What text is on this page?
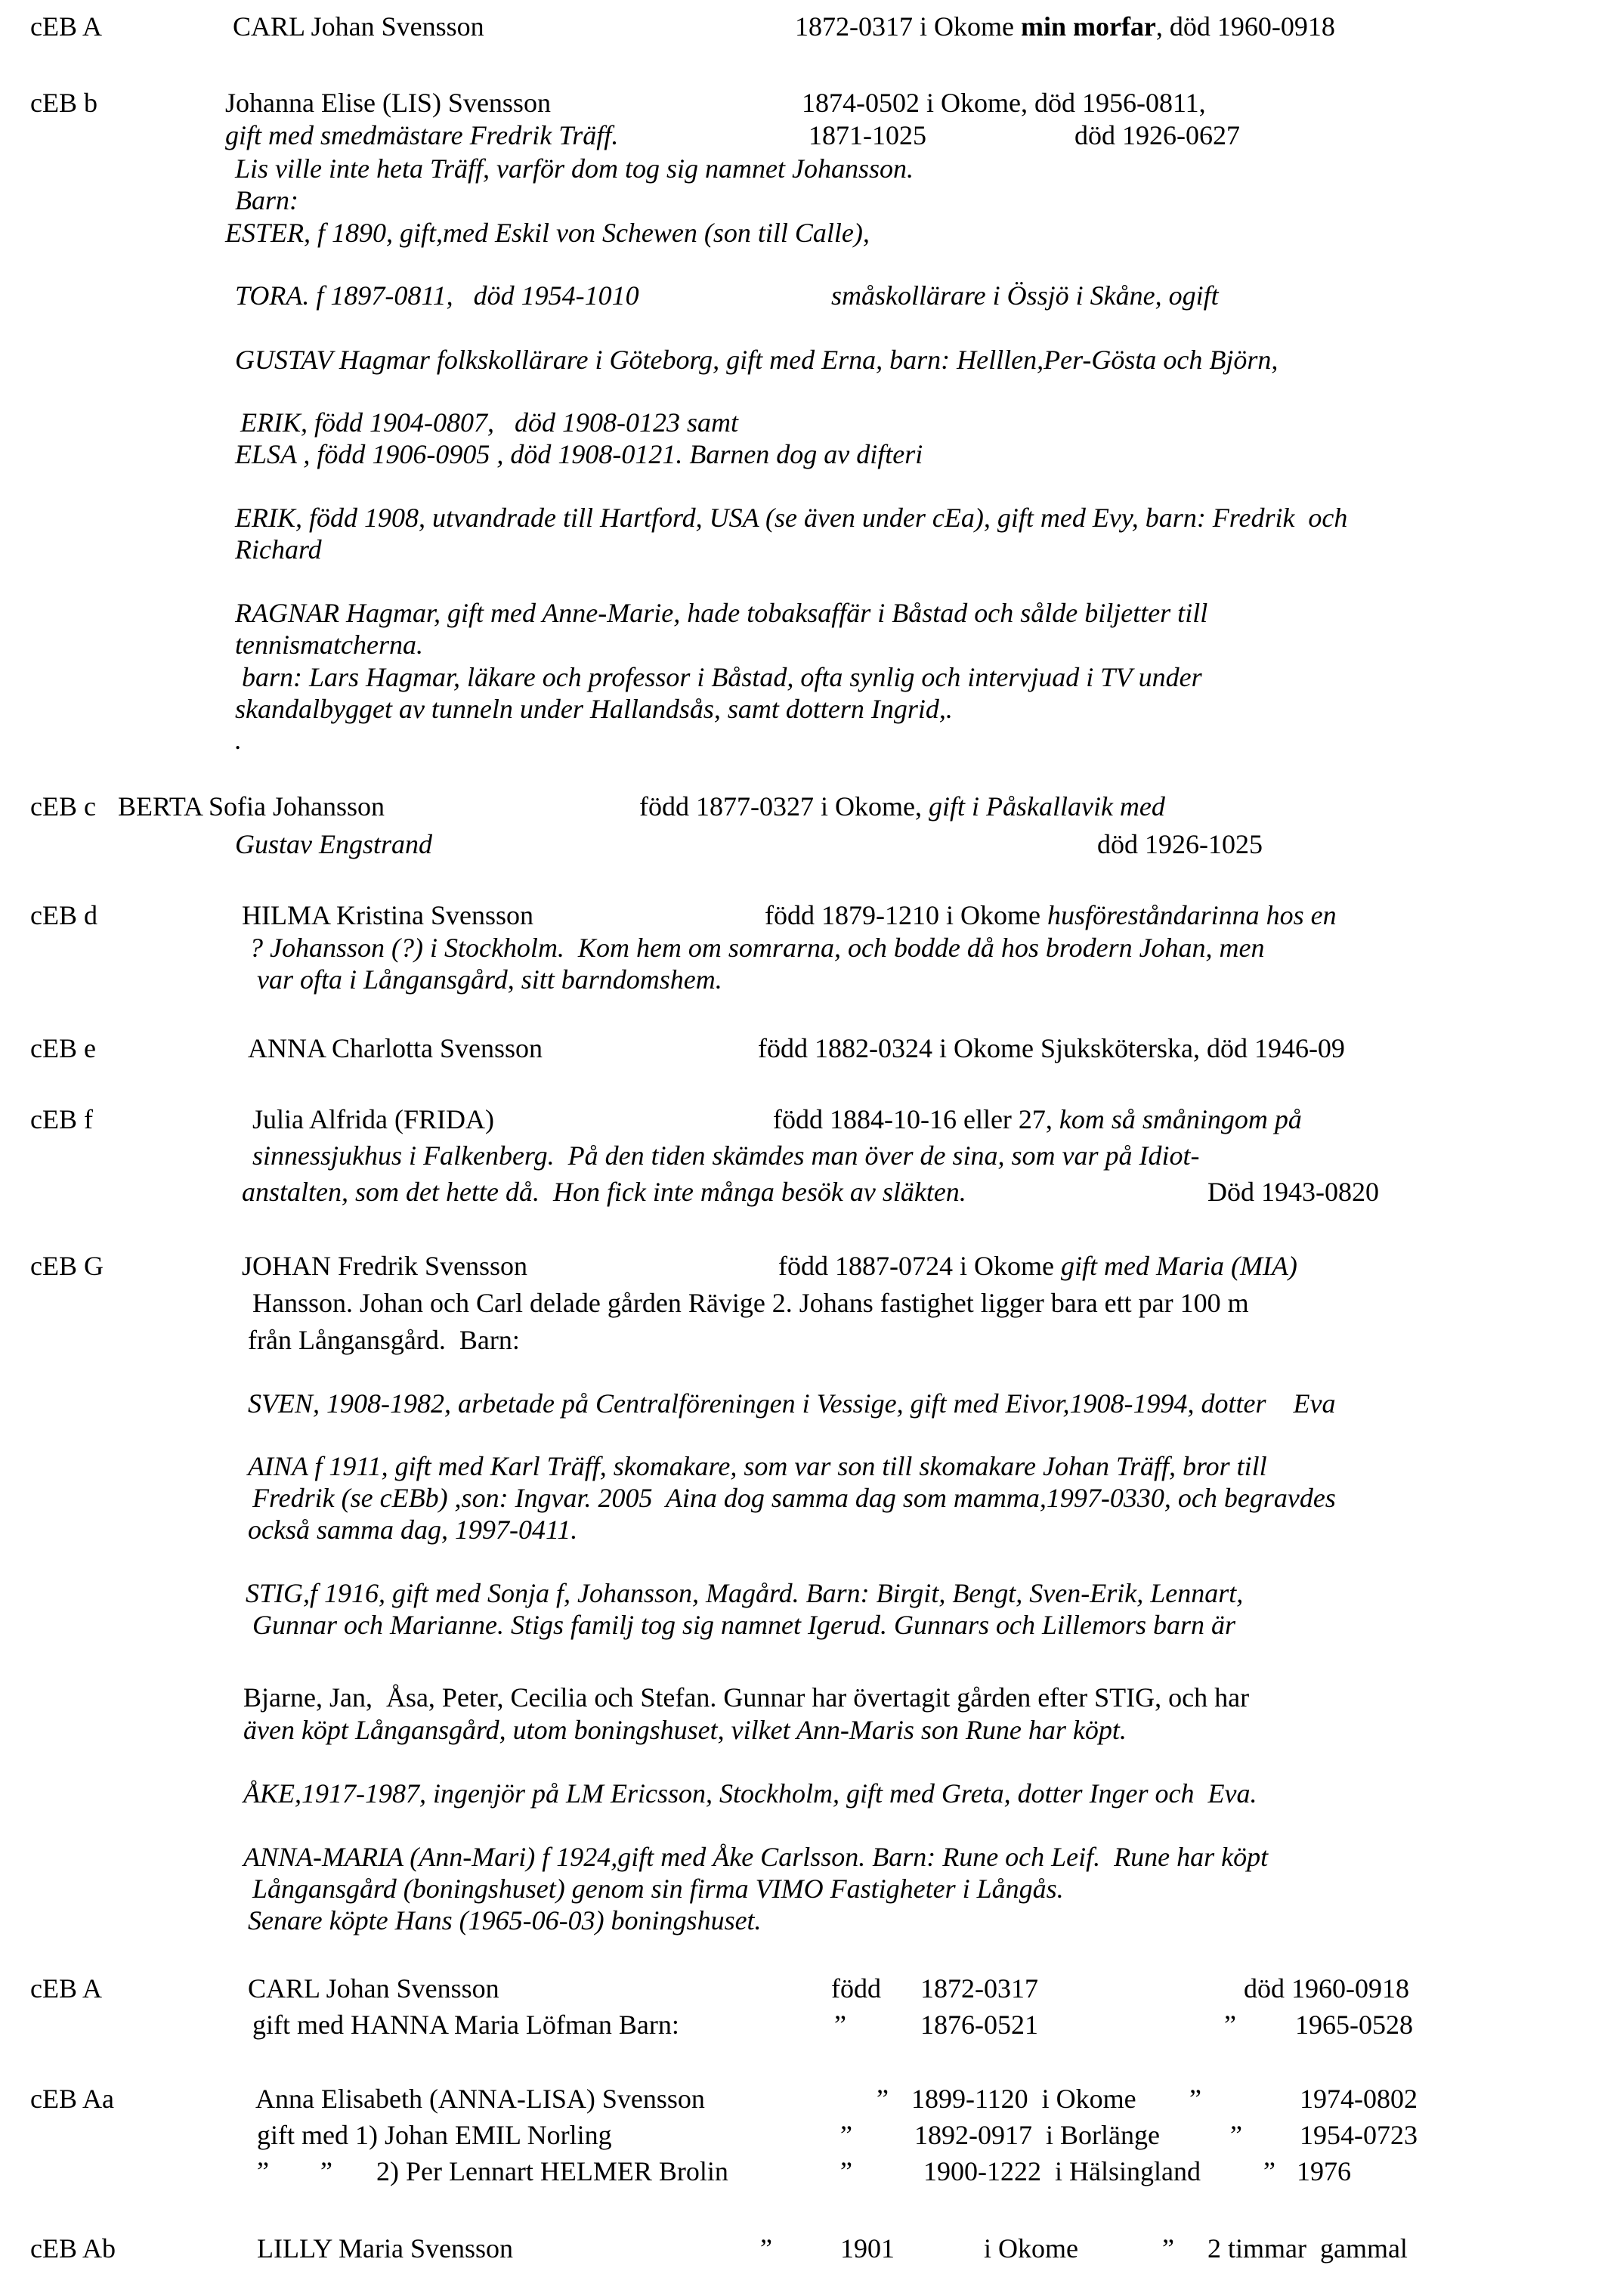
cEB A	CARL Johan Svensson	1872-0317 i Okome min morfar, död 1960-0918
cEB b	Johanna Elise (LIS) Svensson	1874-0502 i Okome, död 1956-0811,
gift med smedmästare Fredrik Träff.	1871-1025	död 1926-0627
Lis ville inte heta Träff, varför dom tog sig namnet Johansson.
Barn:
ESTER, f 1890, gift,med Eskil von Schewen (son till Calle),
TORA. f 1897-0811,   död 1954-1010	småskollärare i Össjö i Skåne, ogift
GUSTAV Hagmar folkskollärare i Göteborg, gift med Erna, barn: Helllen,Per-Gösta och Björn,
ERIK, född 1904-0807,   död 1908-0123 samt
ELSA , född 1906-0905 , död 1908-0121. Barnen dog av difteri
ERIK, född 1908, utvandrade till Hartford, USA (se även under cEa), gift med Evy, barn: Fredrik  och
Richard
RAGNAR Hagmar, gift med Anne-Marie, hade tobaksaffär i Båstad och sålde biljetter till
tennismatcherna.
barn: Lars Hagmar, läkare och professor i Båstad, ofta synlig och intervjuad i TV under
skandalbygget av tunneln under Hallandsås, samt dottern Ingrid,.
.
cEB c BERTA Sofia Johansson	född 1877-0327 i Okome, gift i Påskallavik med
Gustav Engstrand	död 1926-1025
cEB d	HILMA Kristina Svensson	född 1879-1210 i Okome husföreståndarinna hos en
? Johansson (?) i Stockholm.  Kom hem om somrarna, och bodde då hos brodern Johan, men
var ofta i Långansgård, sitt barndomshem.
cEB e	ANNA Charlotta Svensson	född 1882-0324 i Okome Sjuksköterska, död 1946-09
cEB f	Julia Alfrida (FRIDA)	född 1884-10-16 eller 27, kom så småningom på
sinnessjukhus i Falkenberg.  På den tiden skämdes man över de sina, som var på Idiot-
anstalten, som det hette då.  Hon fick inte många besök av släkten.	Död 1943-0820
cEB G	JOHAN Fredrik Svensson	född 1887-0724 i Okome gift med Maria (MIA)
Hansson. Johan och Carl delade gården Rävige 2. Johans fastighet ligger bara ett par 100 m
från Långansgård.  Barn:
SVEN, 1908-1982, arbetade på Centralföreningen i Vessige, gift med Eivor,1908-1994, dotter    Eva
AINA f 1911, gift med Karl Träff, skomakare, som var son till skomakare Johan Träff, bror till
Fredrik (se cEBb) ,son: Ingvar. 2005  Aina dog samma dag som mamma,1997-0330, och begravdes
också samma dag, 1997-0411.
STIG,f 1916, gift med Sonja f, Johansson, Magård. Barn: Birgit, Bengt, Sven-Erik, Lennart,
Gunnar och Marianne. Stigs familj tog sig namnet Igerud. Gunnars och Lillemors barn är
Bjarne, Jan,  Åsa, Peter, Cecilia och Stefan. Gunnar har övertagit gården efter STIG, och har
även köpt Långansgård, utom boningshuset, vilket Ann-Maris son Rune har köpt.
ÅKE,1917-1987, ingenjör på LM Ericsson, Stockholm, gift med Greta, dotter Inger och  Eva.
ANNA-MARIA (Ann-Mari) f 1924,gift med Åke Carlsson. Barn: Rune och Leif.  Rune har köpt
Långansgård (boningshuset) genom sin firma VIMO Fastigheter i Långås.
Senare köpte Hans (1965-06-03) boningshuset.
cEB A	CARL Johan Svensson	född 1872-0317	död 1960-0918
gift med HANNA Maria Löfman Barn:	”	1876-0521	” 1965-0528
cEB Aa	Anna Elisabeth (ANNA-LISA) Svensson	” 1899-1120  i Okome ”	1974-0802
gift med 1) Johan EMIL Norling	” 1892-0917  i Borlänge	” 1954-0723
” ” 2) Per Lennart HELMER Brolin	”	1900-1222  i Hälsingland ” 1976
cEB Ab	LILLY Maria Svensson	”	1901	i Okome	” 2 timmar  gammal
